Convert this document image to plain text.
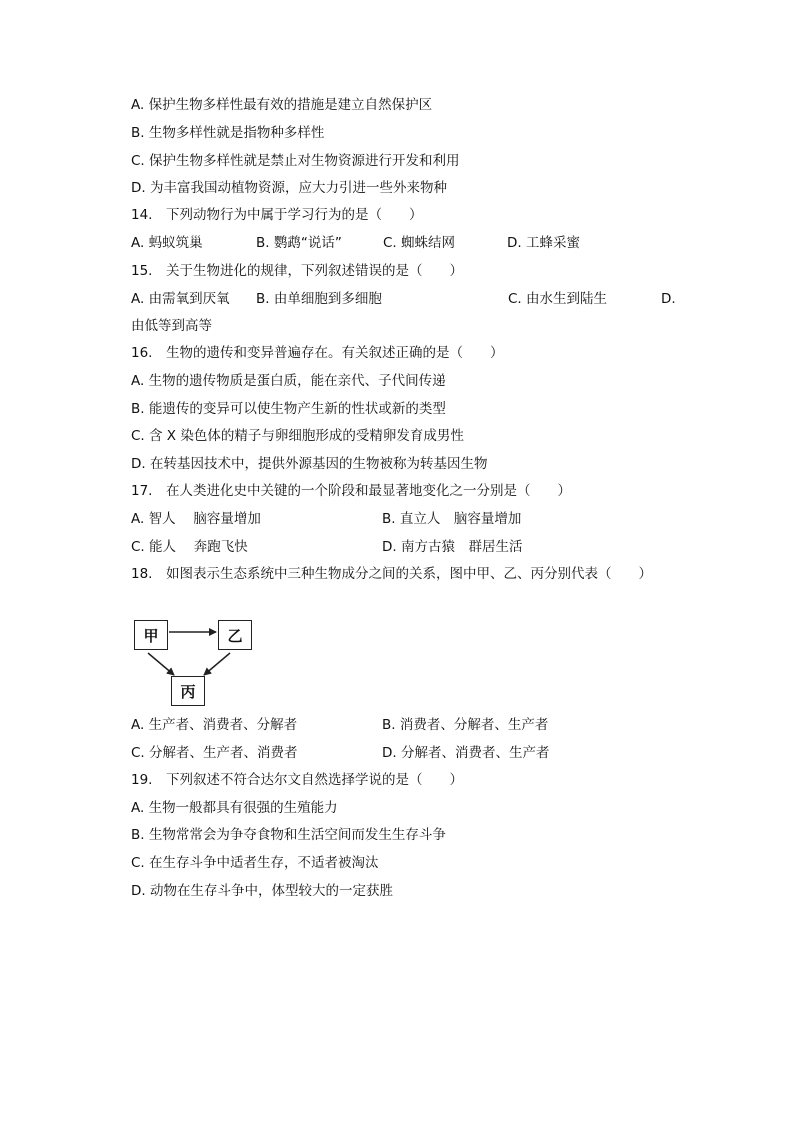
A. 保护生物多样性最有效的措施是建立自然保护区
B. 生物多样性就是指物种多样性
C. 保护生物多样性就是禁止对生物资源进行开发和利用
D. 为丰富我国动植物资源，应大力引进一些外来物种
14.　下列动物行为中属于学习行为的是（　　）
A. 蚂蚁筑巢	B. 鹦鹉“说话”	C. 蜘蛛结网	D. 工蜂采蜜
15.　关于生物进化的规律，下列叙述错误的是（　　）
A. 由需氧到厌氧 B. 由单细胞到多细胞	C. 由水生到陆生	D.
由低等到高等
16.　生物的遗传和变异普遍存在。有关叙述正确的是（　　）
A. 生物的遗传物质是蛋白质，能在亲代、子代间传递
B. 能遗传的变异可以使生物产生新的性状或新的类型
C. 含 X 染色体的精子与卵细胞形成的受精卵发育成男性
D. 在转基因技术中，提供外源基因的生物被称为转基因生物
17.　在人类进化史中关键的一个阶段和最显著地变化之一分别是（　　）
A. 智人　 脑容量增加	B. 直立人　脑容量增加
C. 能人　 奔跑飞快	D. 南方古猿　群居生活
18.　如图表示生态系统中三种生物成分之间的关系，图中甲、乙、丙分别代表（　　）
甲	乙
丙
A. 生产者、消费者、分解者	B. 消费者、分解者、生产者
C. 分解者、生产者、消费者	D. 分解者、消费者、生产者
19.　下列叙述不符合达尔文自然选择学说的是（　　）
A. 生物一般都具有很强的生殖能力
B. 生物常常会为争夺食物和生活空间而发生生存斗争
C. 在生存斗争中适者生存，不适者被淘汰
D. 动物在生存斗争中，体型较大的一定获胜
